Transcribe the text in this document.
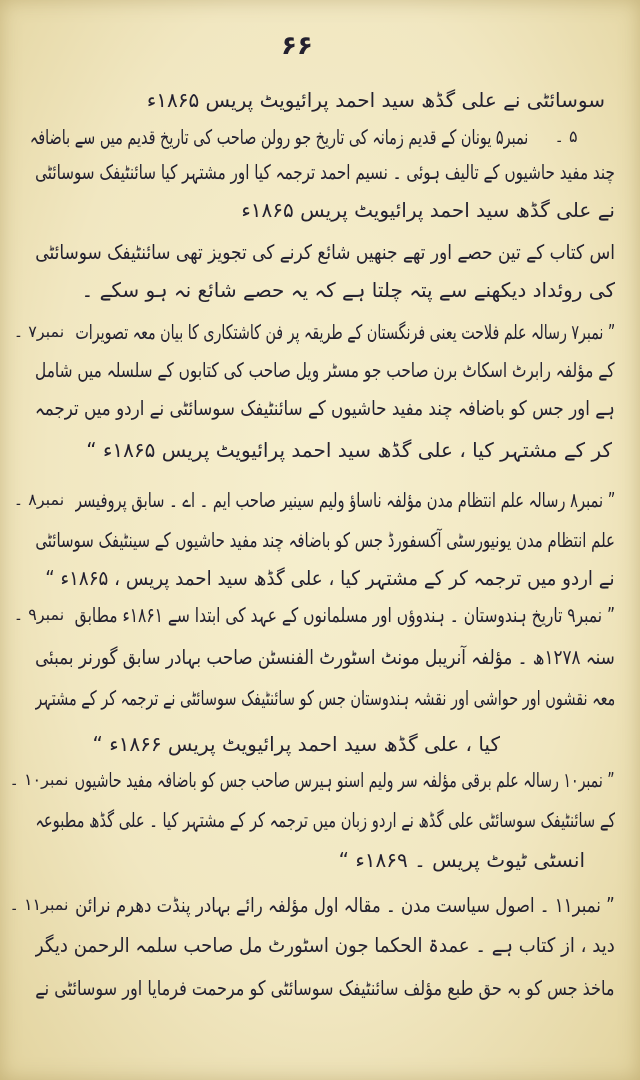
۶۶
سوسائٹی نے علی گڈھ سید احمد پرائیویٹ پریس ۱۸۶۵ء
۵ ۔
نمبر۵ یونان کے قدیم زمانہ کی تاریخ جو رولن صاحب کی تاریخ قدیم میں سے باضافہ
چند مفید حاشیوں کے تالیف ہوئی ۔ نسیم احمد ترجمہ کیا اور مشتہر کیا سائنٹیفک سوسائٹی
نے علی گڈھ سید احمد پرائیویٹ پریس ۱۸۶۵ء
اس کتاب کے تین حصے اور تھے جنھیں شائع کرنے کی تجویز تھی سائنٹیفک سوسائٹی
کی روئداد دیکھنے سے پتہ چلتا ہے کہ یہ حصے شائع نہ ہو سکے ۔
نمبر۷ ۔ ” نمبر۷ رسالہ علم فلاحت یعنی فرنگستان کے طریقہ پر فن کاشتکاری کا بیان معہ تصویرات
کے مؤلفہ رابرٹ اسکاٹ برن صاحب جو مسٹر ویل صاحب کی کتابوں کے سلسلہ میں شامل
ہے اور جس کو باضافہ چند مفید حاشیوں کے سائنٹیفک سوسائٹی نے اردو میں ترجمہ
کر کے مشتہر کیا ، علی گڈھ سید احمد پرائیویٹ پریس ۱۸۶۵ء “
نمبر۸ ۔ ” نمبر۸ رسالہ علم انتظام مدن مؤلفہ ناساؤ ولیم سینیر صاحب ایم ۔ اے ۔ سابق پروفیسر
علم انتظام مدن یونیورسٹی آکسفورڈ جس کو باضافہ چند مفید حاشیوں کے سینٹیفک سوسائٹی
نے اردو میں ترجمہ کر کے مشتہر کیا ، علی گڈھ سید احمد پریس ، ۱۸۶۵ء “
نمبر۹ ۔ ” نمبر۹ تاریخ ہندوستان ۔ ہندوؤں اور مسلمانوں کے عہد کی ابتدا سے ۱۸۶۱ء مطابق
سنہ ۱۲۷۸ھ ۔ مؤلفہ آنریبل مونٹ اسٹورٹ الفنسٹن صاحب بہادر سابق گورنر بمبئی
معہ نقشوں اور حواشی اور نقشہ ہندوستان جس کو سائنٹیفک سوسائٹی نے ترجمہ کر کے مشتہر
کیا ، علی گڈھ سید احمد پرائیویٹ پریس ۱۸۶۶ء “
نمبر۱۰ ۔ ” نمبر۱۰ رسالہ علم برقی مؤلفہ سر ولیم اسنو ہیرس صاحب جس کو باضافہ مفید حاشیوں
کے سائنٹیفک سوسائٹی علی گڈھ نے اردو زبان میں ترجمہ کر کے مشتہر کیا ۔ علی گڈھ مطبوعہ
انسٹی ٹیوٹ پریس ۔ ۱۸۶۹ء “
نمبر۱۱ ۔ ” نمبر۱۱ ۔ اصول سیاست مدن ۔ مقالہ اول مؤلفہ رائے بہادر پنڈت دھرم نرائن
دید ، از کتاب ہے ۔ عمدۃ الحکما جون اسٹورٹ مل صاحب سلمہ الرحمن دیگر
ماخذ جس کو بہ حق طبع مؤلف سائنٹیفک سوسائٹی کو مرحمت فرمایا اور سوسائٹی نے
